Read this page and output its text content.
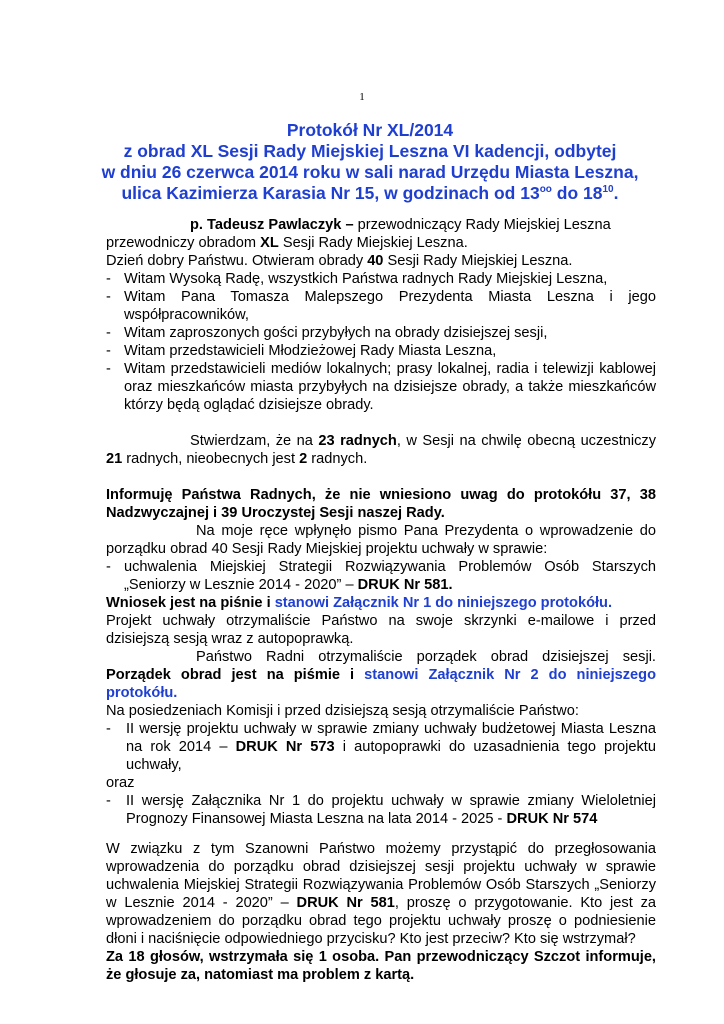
1
Protokół Nr XL/2014
z obrad XL Sesji Rady Miejskiej Leszna VI kadencji, odbytej
w dniu 26 czerwca 2014 roku w sali narad Urzędu Miasta Leszna,
ulica Kazimierza Karasia Nr 15, w godzinach od $13^{oo}$ do $18^{10}$.

p. Tadeusz Pawlaczyk – przewodniczący Rady Miejskiej Leszna

przewodniczy obradom XL Sesji Rady Miejskiej Leszna.

Dzień dobry Państwu. Otwieram obrady 40 Sesji Rady Miejskiej Leszna.

- Witam Wysoką Radę, wszystkich Państwa radnych Rady Miejskiej Leszna,
- Witam Pana Tomasza Malepszego Prezydenta Miasta Leszna i jego współpracowników,
- Witam zaproszonych gości przybyłych na obrady dzisiejszej sesji,
- Witam przedstawicieli Młodzieżowej Rady Miasta Leszna,
- Witam przedstawicieli mediów lokalnych; prasy lokalnej, radia i telewizji kablowej oraz mieszkańców miasta przybyłych na dzisiejsze obrady, a także mieszkańców którzy będą oglądać dzisiejsze obrady.

Stwierdzam, że na 23 radnych, w Sesji na chwilę obecną uczestniczy 21 radnych, nieobecnych jest 2 radnych.

Informuję Państwa Radnych, że nie wniesiono uwag do protokółu 37, 38 Nadzwyczajnej i 39 Uroczystej Sesji naszej Rady.

Na moje ręce wpłynęło pismo Pana Prezydenta o wprowadzenie do porządku obrad 40 Sesji Rady Miejskiej projektu uchwały w sprawie:

- uchwalenia Miejskiej Strategii Rozwiązywania Problemów Osób Starszych „Seniorzy w Lesznie 2014 - 2020” – DRUK Nr 581.

Wniosek jest na piśnie i stanowi Załącznik Nr 1 do niniejszego protokółu.

Projekt uchwały otrzymaliście Państwo na swoje skrzynki e-mailowe i przed dzisiejszą sesją wraz z autopoprawką.

Państwo Radni otrzymaliście porządek obrad dzisiejszej sesji.

Porządek obrad jest na piśmie i stanowi Załącznik Nr 2 do niniejszego protokółu.

Na posiedzeniach Komisji i przed dzisiejszą sesją otrzymaliście Państwo:

- II wersję projektu uchwały w sprawie zmiany uchwały budżetowej Miasta Leszna na rok 2014 – DRUK Nr 573 i autopoprawki do uzasadnienia tego projektu uchwały,

oraz

- II wersję Załącznika Nr 1 do projektu uchwały w sprawie zmiany Wieloletniej Prognozy Finansowej Miasta Leszna na lata 2014 - 2025 - DRUK Nr 574

W związku z tym Szanowni Państwo możemy przystąpić do przegłosowania wprowadzenia do porządku obrad dzisiejszej sesji projektu uchwały w sprawie uchwalenia Miejskiej Strategii Rozwiązywania Problemów Osób Starszych „Seniorzy w Lesznie 2014 - 2020” – DRUK Nr 581, proszę o przygotowanie. Kto jest za wprowadzeniem do porządku obrad tego projektu uchwały proszę o podniesienie dłoni i naciśnięcie odpowiedniego przycisku? Kto jest przeciw? Kto się wstrzymał?

Za 18 głosów, wstrzymała się 1 osoba. Pan przewodniczący Szczot informuje, że głosuje za, natomiast ma problem z kartą.
